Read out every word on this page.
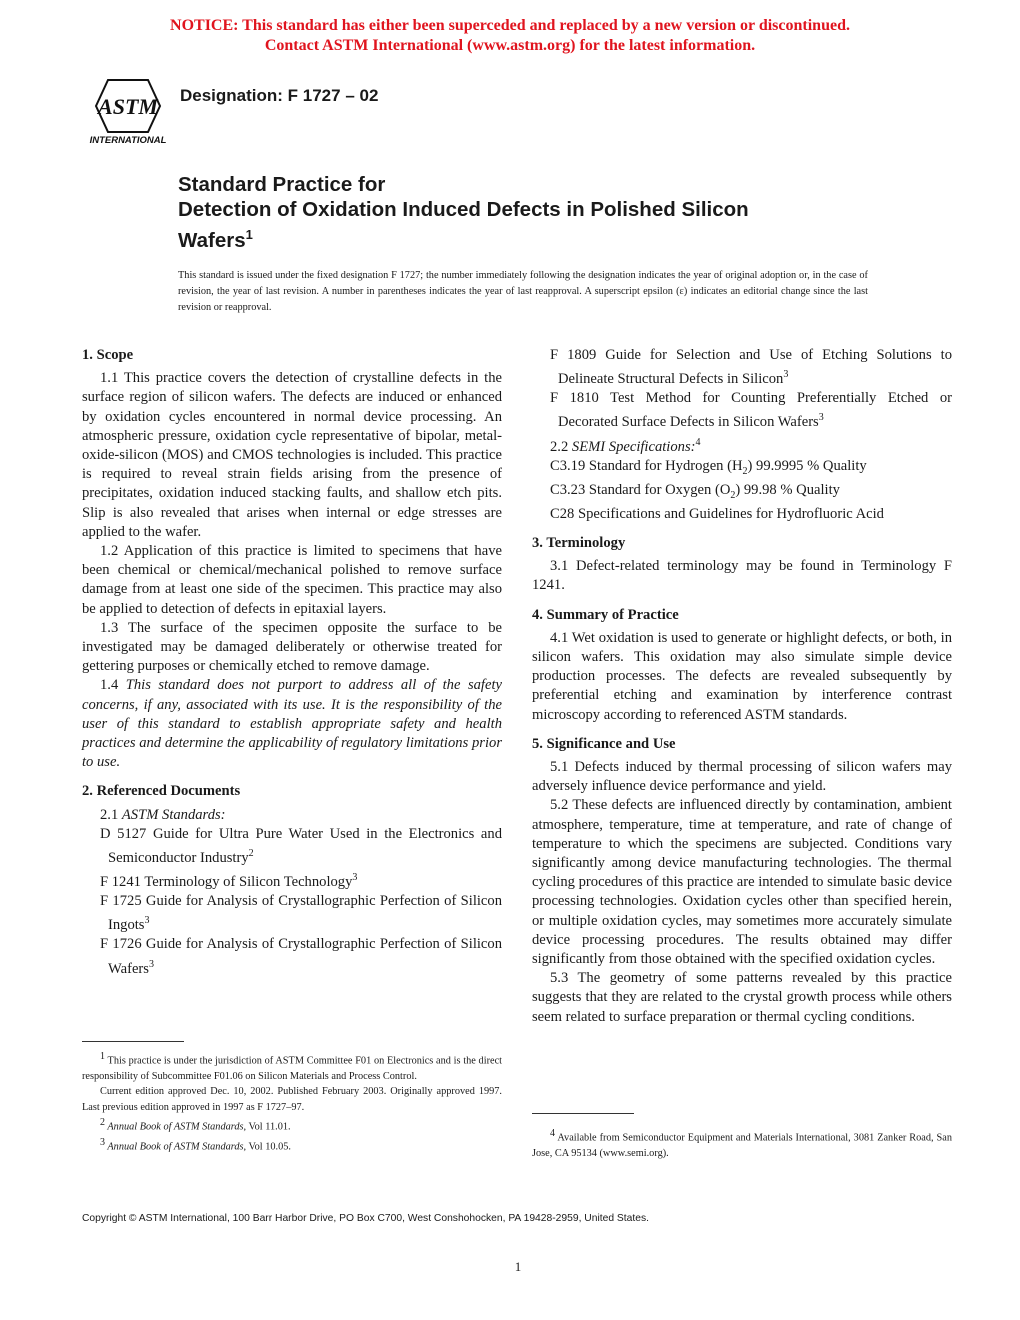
NOTICE: This standard has either been superceded and replaced by a new version or discontinued.
Contact ASTM International (www.astm.org) for the latest information.
ASTM
INTERNATIONAL
Designation: F 1727 – 02
Standard Practice for
Detection of Oxidation Induced Defects in Polished Silicon
Wafers$^1$
This standard is issued under the fixed designation F 1727; the number immediately following the designation indicates the year of original adoption or, in the case of revision, the year of last revision. A number in parentheses indicates the year of last reapproval. A superscript epsilon (ε) indicates an editorial change since the last revision or reapproval.

1. Scope

1.1 This practice covers the detection of crystalline defects in the surface region of silicon wafers. The defects are induced or enhanced by oxidation cycles encountered in normal device processing. An atmospheric pressure, oxidation cycle representative of bipolar, metal-oxide-silicon (MOS) and CMOS technologies is included. This practice is required to reveal strain fields arising from the presence of precipitates, oxidation induced stacking faults, and shallow etch pits. Slip is also revealed that arises when internal or edge stresses are applied to the wafer.

1.2 Application of this practice is limited to specimens that have been chemical or chemical/mechanical polished to remove surface damage from at least one side of the specimen. This practice may also be applied to detection of defects in epitaxial layers.

1.3 The surface of the specimen opposite the surface to be investigated may be damaged deliberately or otherwise treated for gettering purposes or chemically etched to remove damage.

1.4 This standard does not purport to address all of the safety concerns, if any, associated with its use. It is the responsibility of the user of this standard to establish appropriate safety and health practices and determine the applicability of regulatory limitations prior to use.

2. Referenced Documents

2.1 ASTM Standards:

D 5127 Guide for Ultra Pure Water Used in the Electronics and Semiconductor Industry$^2$

F 1241 Terminology of Silicon Technology$^3$

F 1725 Guide for Analysis of Crystallographic Perfection of Silicon Ingots$^3$

F 1726 Guide for Analysis of Crystallographic Perfection of Silicon Wafers$^3$

F 1809 Guide for Selection and Use of Etching Solutions to Delineate Structural Defects in Silicon$^3$

F 1810 Test Method for Counting Preferentially Etched or Decorated Surface Defects in Silicon Wafers$^3$

2.2 SEMI Specifications:$^4$

C3.19 Standard for Hydrogen $(H_2)$ 99.9995 % Quality

C3.23 Standard for Oxygen $(O_2)$ 99.98 % Quality

C28 Specifications and Guidelines for Hydrofluoric Acid

3. Terminology

3.1 Defect-related terminology may be found in Terminology F 1241.

4. Summary of Practice

4.1 Wet oxidation is used to generate or highlight defects, or both, in silicon wafers. This oxidation may also simulate simple device production processes. The defects are revealed subsequently by preferential etching and examination by interference contrast microscopy according to referenced ASTM standards.

5. Significance and Use

5.1 Defects induced by thermal processing of silicon wafers may adversely influence device performance and yield.

5.2 These defects are influenced directly by contamination, ambient atmosphere, temperature, time at temperature, and rate of change of temperature to which the specimens are subjected. Conditions vary significantly among device manufacturing technologies. The thermal cycling procedures of this practice are intended to simulate basic device processing technologies. Oxidation cycles other than specified herein, or multiple oxidation cycles, may sometimes more accurately simulate device processing procedures. The results obtained may differ significantly from those obtained with the specified oxidation cycles.

5.3 The geometry of some patterns revealed by this practice suggests that they are related to the crystal growth process while others seem related to surface preparation or thermal cycling conditions.

$^1$ This practice is under the jurisdiction of ASTM Committee F01 on Electronics and is the direct responsibility of Subcommittee F01.06 on Silicon Materials and Process Control.

Current edition approved Dec. 10, 2002. Published February 2003. Originally approved 1997. Last previous edition approved in 1997 as F 1727–97.

$^2$ Annual Book of ASTM Standards, Vol 11.01.

$^3$ Annual Book of ASTM Standards, Vol 10.05.

$^4$ Available from Semiconductor Equipment and Materials International, 3081 Zanker Road, San Jose, CA 95134 (www.semi.org).

Copyright © ASTM International, 100 Barr Harbor Drive, PO Box C700, West Conshohocken, PA 19428-2959, United States.
1
